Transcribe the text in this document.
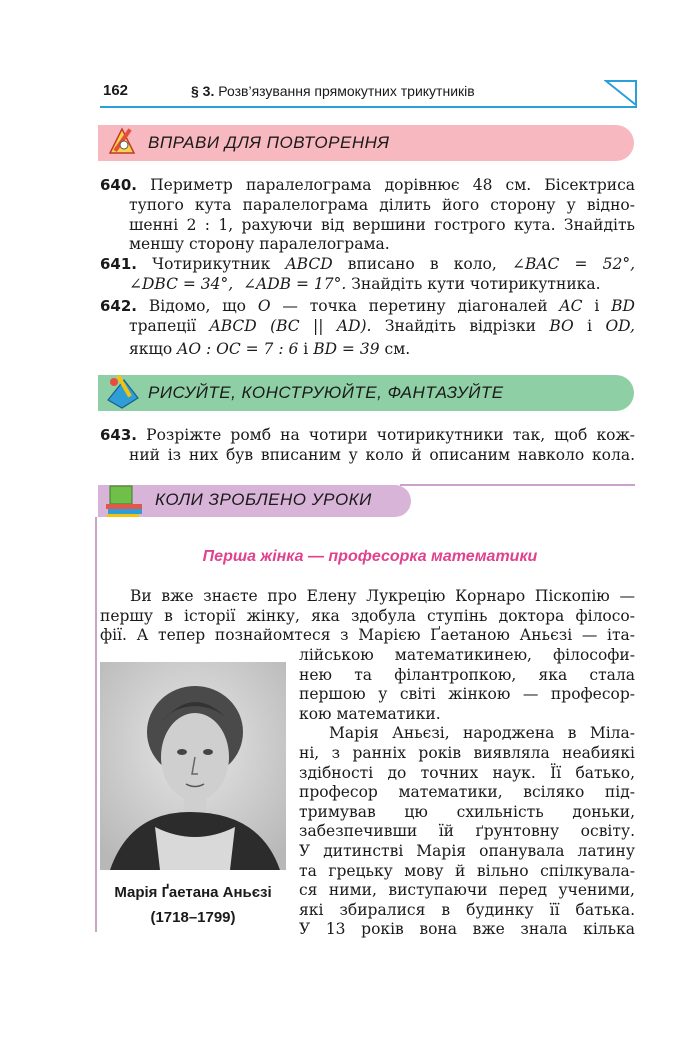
162	§ 3. Розв’язування прямокутних трикутників
ВПРАВИ ДЛЯ ПОВТОРЕННЯ
640. Периметр паралелограма дорівнює 48 см. Бісектриса
тупого кута паралелограма ділить його сторону у відно-
шенні 2 : 1, рахуючи від вершини гострого кута. Знайдіть
меншу сторону паралелограма.
641. Чотирикутник ABCD вписано в коло, ∠BAC = 52°,
∠DBC = 34°, ∠ADB = 17°. Знайдіть кути чотирикутника.
642. Відомо, що O — точка перетину діагоналей AC і BD
трапеції ABCD (BC || AD). Знайдіть відрізки BO і OD,
якщо AO : OC = 7 : 6 і BD = 39 см.
РИСУЙТЕ, КОНСТРУЮЙТЕ, ФАНТАЗУЙТЕ
643. Розріжте ромб на чотири чотирикутники так, щоб кож-
ний із них був вписаним у коло й описаним навколо кола.
КОЛИ ЗРОБЛЕНО УРОКИ
Перша жінка — професорка математики
Ви вже знаєте про Елену Лукрецію Корнаро Піскопію —
першу в історії жінку, яка здобула ступінь доктора філосо-
фії. А тепер познайомтеся з Марією Ґаетаною Аньєзі — іта-
Марія Ґаетана Аньєзі
(1718–1799)
лійською математикинею, філософи-
нею та філантропкою, яка стала
першою у світі жінкою — професор-
кою математики.
Марія Аньєзі, народжена в Мілa-
ні, з ранніх років виявляла неабиякі
здібності до точних наук. Її батько,
професор математики, всіляко під-
тримував цю схильність доньки,
забезпечивши їй ґрунтовну освіту.
У дитинстві Марія опанувала латину
та грецьку мову й вільно спілкувала-
ся ними, виступаючи перед ученими,
які збиралися в будинку її батька.
У 13 років вона вже знала кілька
